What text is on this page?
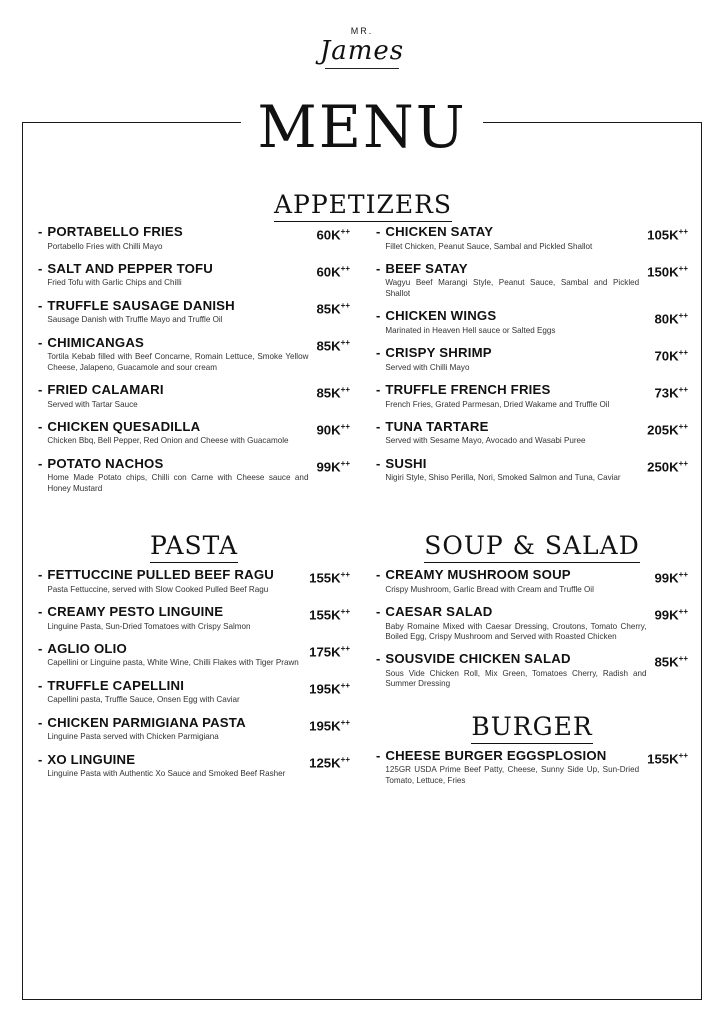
MR.
James
MENU
APPETIZERS
- PORTABELLO FRIES
Portabello Fries with Chilli Mayo
60K++
- SALT AND PEPPER TOFU
Fried Tofu with Garlic Chips and Chilli
60K++
- TRUFFLE SAUSAGE DANISH
Sausage Danish with Truffle Mayo and Truffle Oil
85K++
- CHIMICANGAS
Tortila Kebab filled with Beef Concarne, Romain Lettuce, Smoke Yellow Cheese, Jalapeno, Guacamole and sour cream
85K++
- FRIED CALAMARI
Served with Tartar Sauce
85K++
- CHICKEN QUESADILLA
Chicken Bbq, Bell Pepper, Red Onion and Cheese with Guacamole
90K++
- POTATO NACHOS
Home Made Potato chips, Chilli con Carne with Cheese sauce and Honey Mustard
99K++
- CHICKEN SATAY
Fillet Chicken, Peanut Sauce, Sambal and Pickled Shallot
105K++
- BEEF SATAY
Wagyu Beef Marangi Style, Peanut Sauce, Sambal and Pickled Shallot
150K++
- CHICKEN WINGS
Marinated in Heaven Hell sauce or Salted Eggs
80K++
- CRISPY SHRIMP
Served with Chilli Mayo
70K++
- TRUFFLE FRENCH FRIES
French Fries, Grated Parmesan, Dried Wakame and Truffle Oil
73K++
- TUNA TARTARE
Served with Sesame Mayo, Avocado and Wasabi Puree
205K++
- SUSHI
Nigiri Style, Shiso Perilla, Nori, Smoked Salmon and Tuna, Caviar
250K++
PASTA	SOUP & SALAD
- FETTUCCINE PULLED BEEF RAGU
Pasta Fettuccine, served with Slow Cooked Pulled Beef Ragu
155K++
- CREAMY PESTO LINGUINE
Linguine Pasta, Sun-Dried Tomatoes with Crispy Salmon
155K++
- AGLIO OLIO
Capellini or Linguine pasta, White Wine, Chilli Flakes with Tiger Prawn
175K++
- TRUFFLE CAPELLINI
Capellini pasta, Truffle Sauce, Onsen Egg with Caviar
195K++
- CHICKEN PARMIGIANA PASTA
Linguine Pasta served with Chicken Parmigiana
195K++
- XO LINGUINE
Linguine Pasta with Authentic Xo Sauce and Smoked Beef Rasher
125K++
- CREAMY MUSHROOM SOUP
Crispy Mushroom, Garlic Bread with Cream and Truffle Oil
99K++
- CAESAR SALAD
Baby Romaine Mixed with Caesar Dressing, Croutons, Tomato Cherry, Boiled Egg, Crispy Mushroom and Served with Roasted Chicken
99K++
- SOUSVIDE CHICKEN SALAD
Sous Vide Chicken Roll, Mix Green, Tomatoes Cherry, Radish and Summer Dressing
85K++
BURGER
- CHEESE BURGER EGGSPLOSION
125GR USDA Prime Beef Patty, Cheese, Sunny Side Up, Sun-Dried Tomato, Lettuce, Fries
155K++
